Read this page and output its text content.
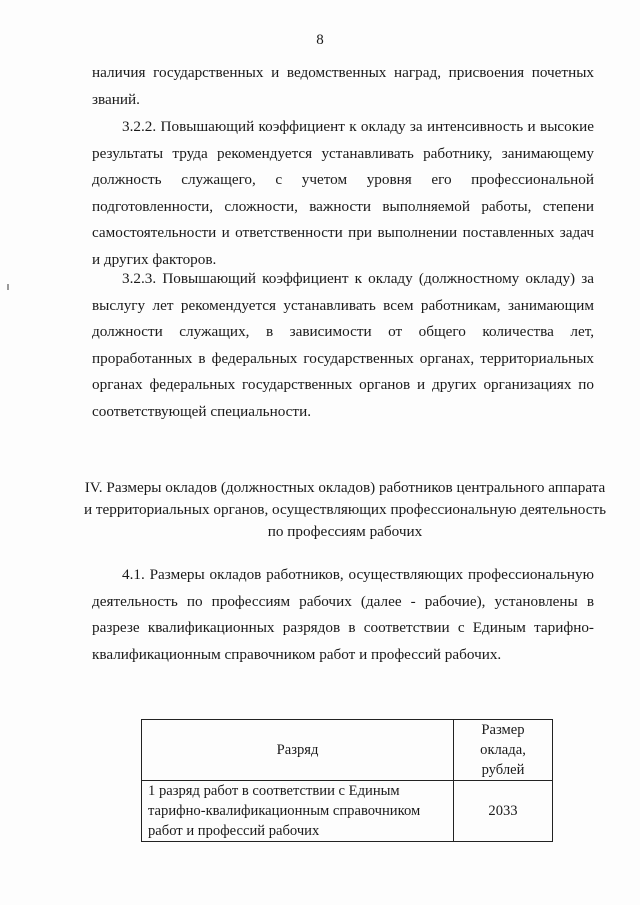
8

наличия государственных и ведомственных наград, присвоения почетных званий.

3.2.2. Повышающий коэффициент к окладу за интенсивность и высокие результаты труда рекомендуется устанавливать работнику, занимающему должность служащего, с учетом уровня его профессиональной подготовленности, сложности, важности выполняемой работы, степени самостоятельности и ответственности при выполнении поставленных задач и других факторов.

3.2.3. Повышающий коэффициент к окладу (должностному окладу) за выслугу лет рекомендуется устанавливать всем работникам, занимающим должности служащих, в зависимости от общего количества лет, проработанных в федеральных государственных органах, территориальных органах федеральных государственных органов и других организациях по соответствующей специальности.

IV. Размеры окладов (должностных окладов) работников центрального аппарата и территориальных органов, осуществляющих профессиональную деятельность по профессиям рабочих

4.1. Размеры окладов работников, осуществляющих профессиональную деятельность по профессиям рабочих (далее - рабочие), установлены в разрезе квалификационных разрядов в соответствии с Единым тарифно-квалификационным справочником работ и профессий рабочих.

Разряд	Размер оклада, рублей
1 разряд работ в соответствии с Единым тарифно-квалификационным справочником работ и профессий рабочих	2033
